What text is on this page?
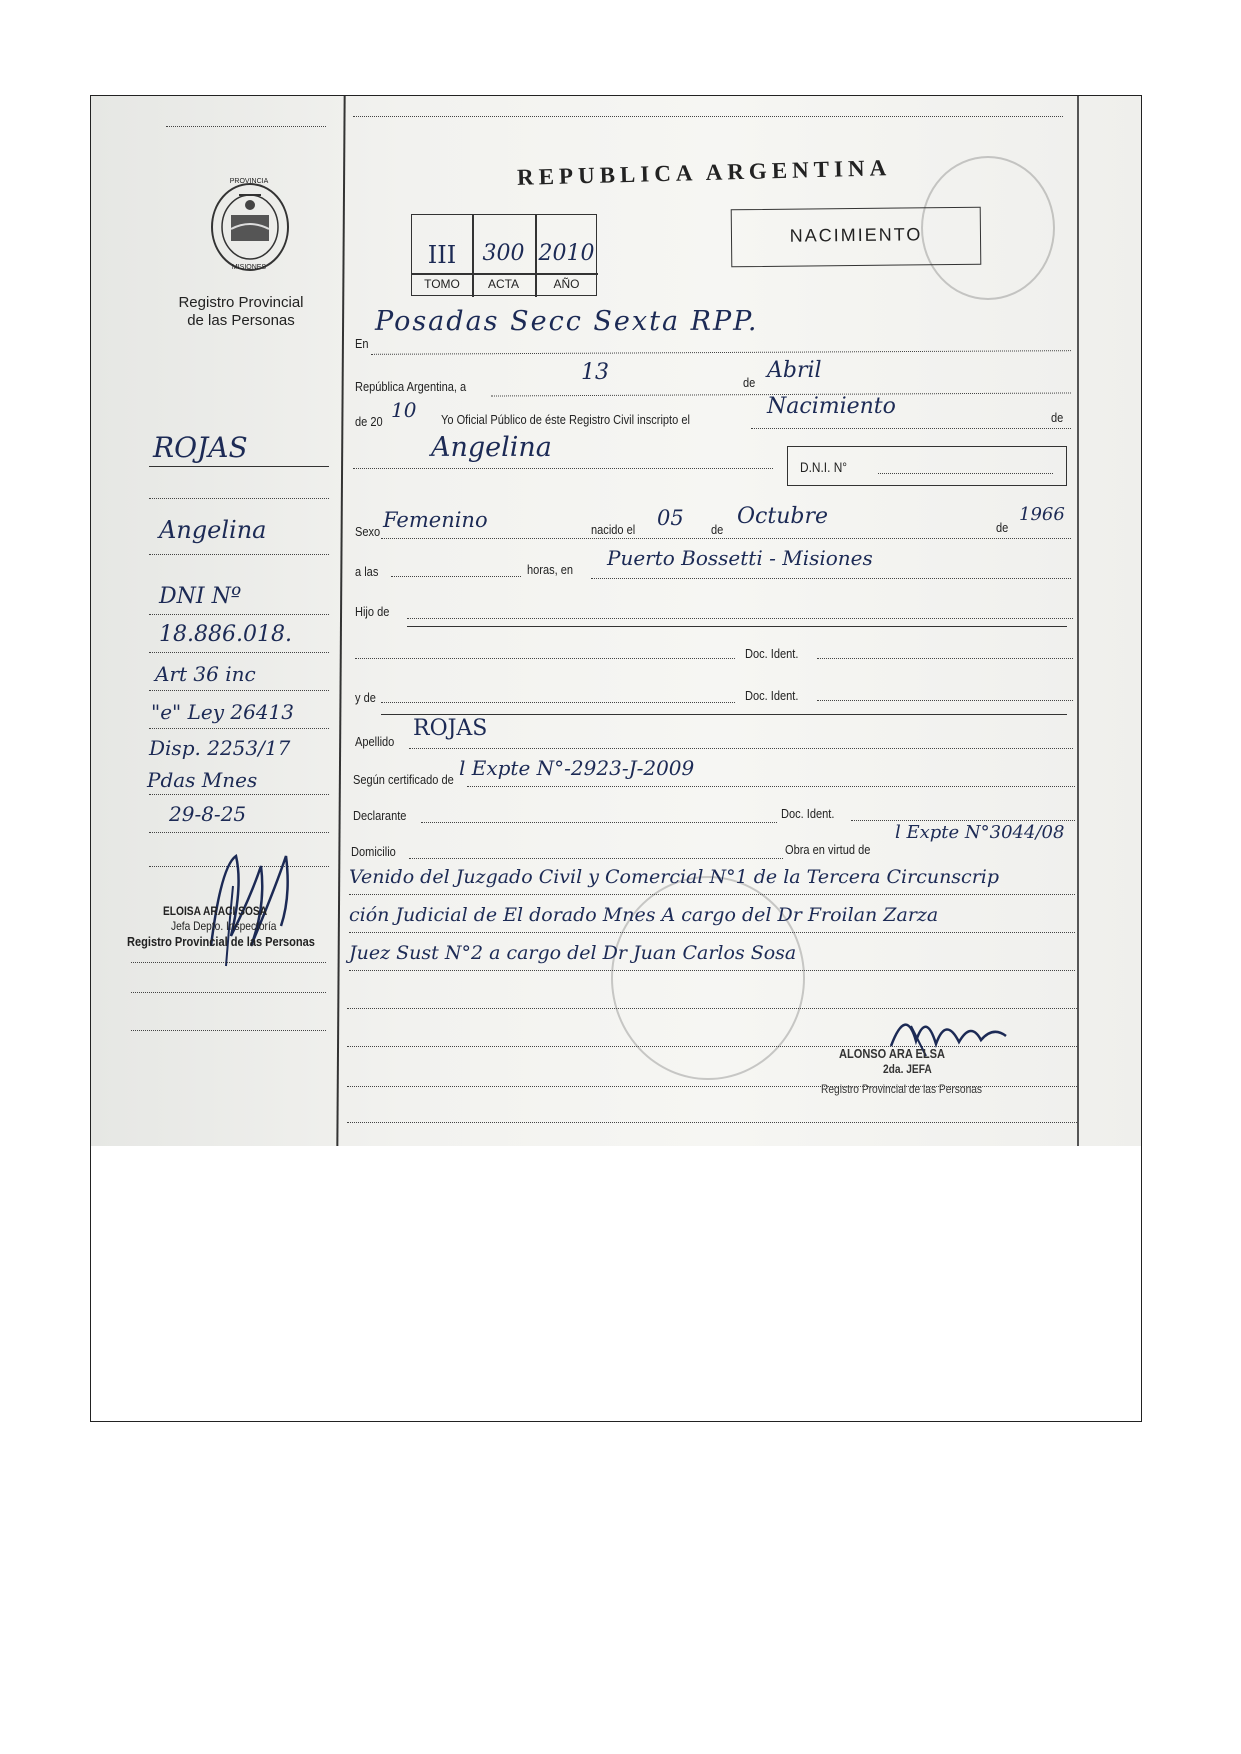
PROVINCIA
MISIONES
Registro Provincial
de las Personas
ROJAS
Angelina
DNI Nº
18.886.018.
Art 36 inc
"e" Ley 26413
Disp. 2253/17
Pdas Mnes
29-8-25
ELOISA ARACI SOSA
Jefa Depto. Inspectoría
Registro Provincial de las Personas
REPUBLICA ARGENTINA
III	300 2010
TOMO	ACTA	AÑO
NACIMIENTO
En
Posadas Secc Sexta RPP.
República Argentina, a
13	de Abril
de 20 10 Yo Oficial Público de éste Registro Civil inscripto el
Nacimiento	de
Angelina
D.N.I. N°
Sexo Femenino	nacido el 05 de
Octubre	de
1966
a las	horas, en Puerto Bossetti - Misiones
Hijo de
Doc. Ident.
y de	Doc. Ident.
Apellido
ROJAS
Según certificado de l Expte N°-2923-J-2009
Declarante	Doc. Ident.
Domicilio	Obra en virtud de
l Expte N°3044/08
Venido del Juzgado Civil y Comercial N°1 de la Tercera Circunscrip
ción Judicial de El dorado Mnes A cargo del Dr Froilan Zarza
Juez Sust N°2 a cargo del Dr Juan Carlos Sosa
ALONSO ARA ELSA
2da. JEFA
Registro Provincial de las Personas
